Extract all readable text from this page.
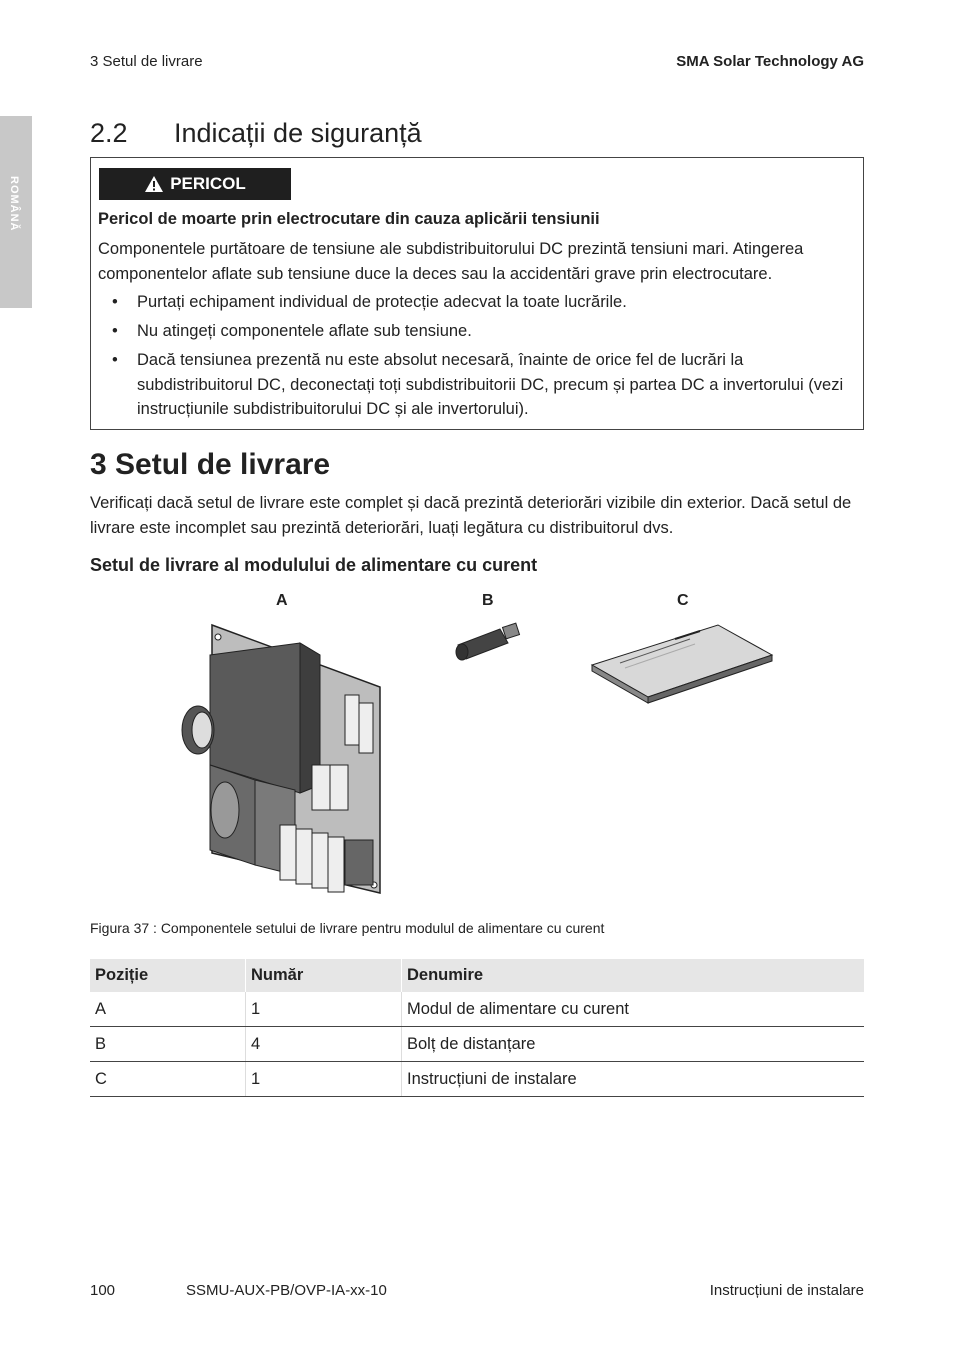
3 Setul de livrare	SMA Solar Technology AG
ROMÂNĂ
2.2 Indicații de siguranță
PERICOL
Pericol de moarte prin electrocutare din cauza aplicării tensiunii
Componentele purtătoare de tensiune ale subdistribuitorului DC prezintă tensiuni mari. Atingerea componentelor aflate sub tensiune duce la deces sau la accidentări grave prin electrocutare.
• Purtați echipament individual de protecție adecvat la toate lucrările.
• Nu atingeți componentele aflate sub tensiune.
• Dacă tensiunea prezentă nu este absolut necesară, înainte de orice fel de lucrări la subdistribuitorul DC, deconectați toți subdistribuitorii DC, precum și partea DC a invertorului (vezi instrucțiunile subdistribuitorului DC și ale invertorului).
3 Setul de livrare
Verificați dacă setul de livrare este complet și dacă prezintă deteriorări vizibile din exterior. Dacă setul de livrare este incomplet sau prezintă deteriorări, luați legătura cu distribuitorul dvs.
Setul de livrare al modulului de alimentare cu curent
A	B	C
Figura 37 : Componentele setului de livrare pentru modulul de alimentare cu curent
Poziție	Număr	Denumire
A	1	Modul de alimentare cu curent
B	4	Bolț de distanțare
C	1	Instrucțiuni de instalare
100	SSMU-AUX-PB/OVP-IA-xx-10	Instrucțiuni de instalare
